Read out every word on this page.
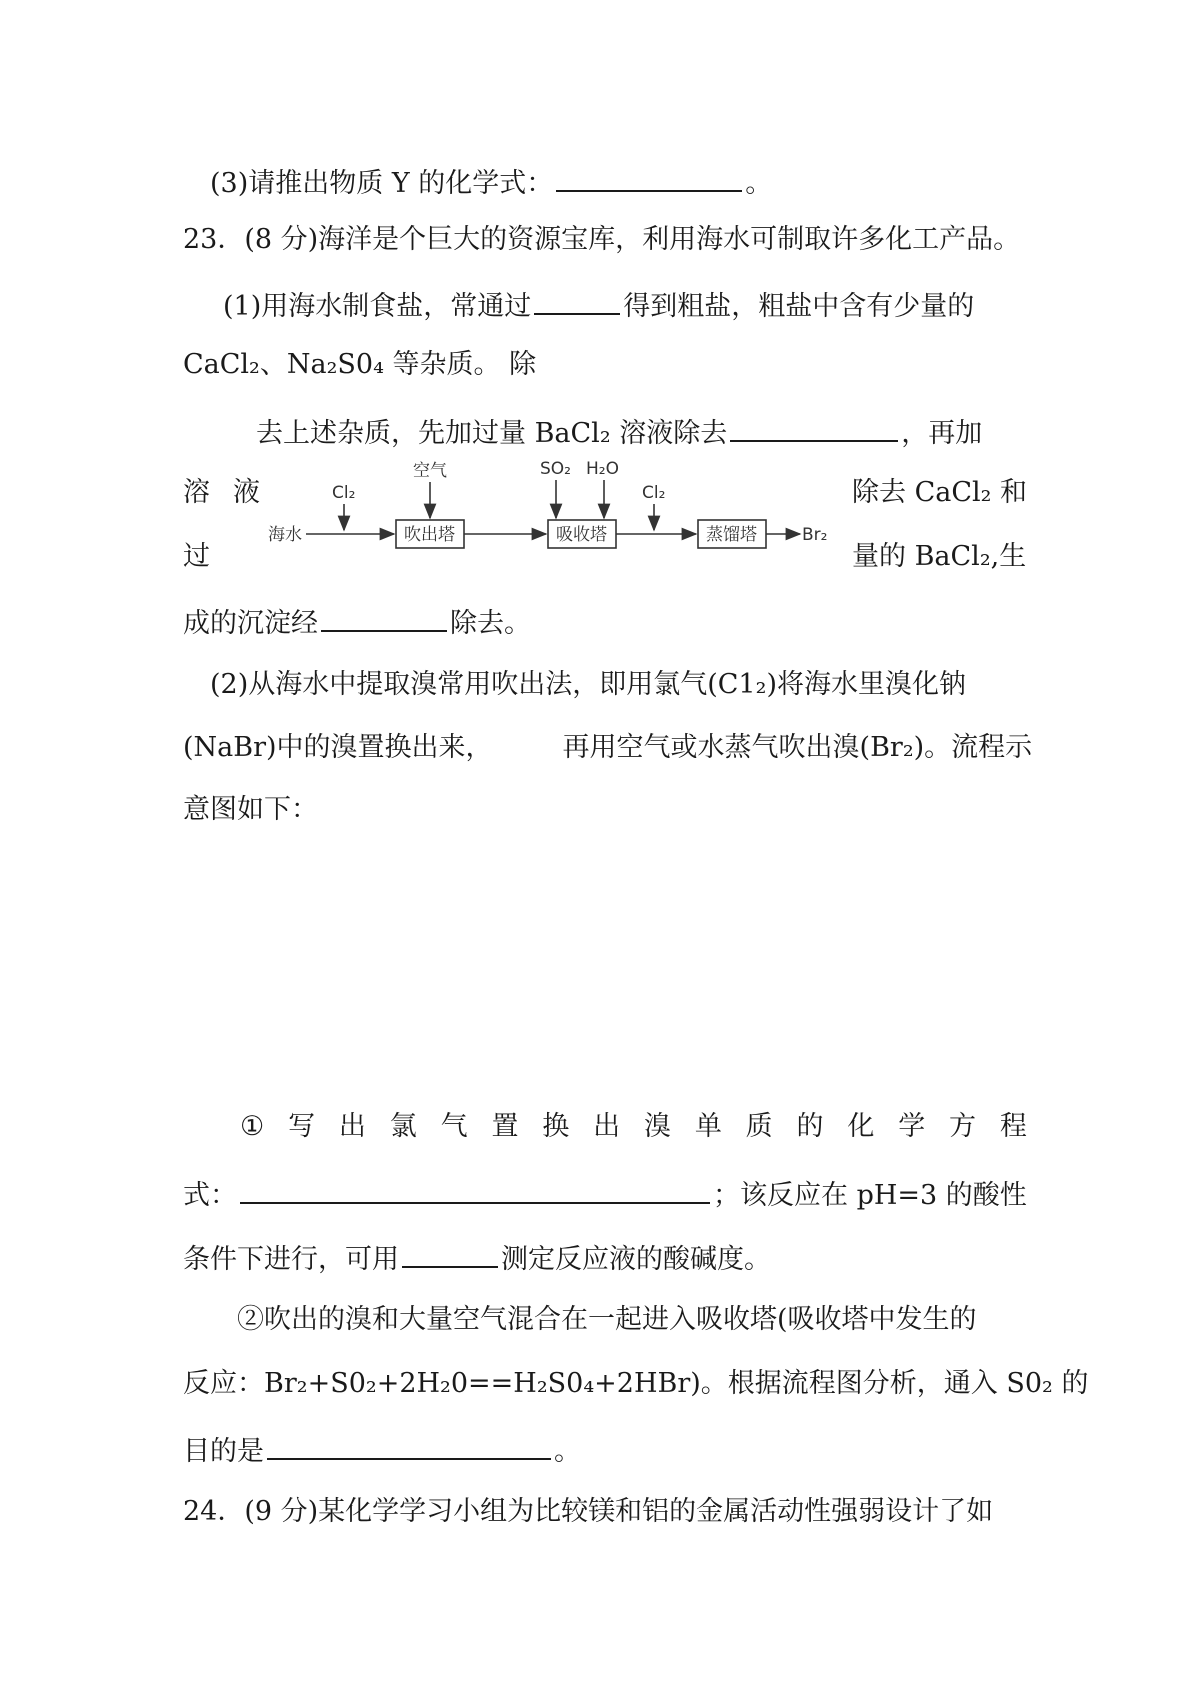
(3)请推出物质 Y 的化学式：	。
23．(8 分)海洋是个巨大的资源宝库，利用海水可制取许多化工产品。
(1)用海水制食盐，常通过	得到粗盐，粗盐中含有少量的
CaCl₂、Na₂S0₄ 等杂质。 除
去上述杂质，先加过量 BaCl₂ 溶液除去	，再加
溶 液
过
除去 CaCl₂ 和
量的 BaCl₂,生
海水
Cl₂
空气
吹出塔
SO₂ H₂O
吸收塔
Cl₂
蒸馏塔	Br₂
成的沉淀经	除去。
(2)从海水中提取溴常用吹出法，即用氯气(C1₂)将海水里溴化钠
(NaBr)中的溴置换出来，	再用空气或水蒸气吹出溴(Br₂)。流程示
意图如下：
① 写 出 氯 气 置 换 出 溴 单 质 的 化 学 方 程
式：	；该反应在 pH=3 的酸性
条件下进行，可用	测定反应液的酸碱度。
②吹出的溴和大量空气混合在一起进入吸收塔(吸收塔中发生的
反应：Br₂+S0₂+2H₂0==H₂S0₄+2HBr)。根据流程图分析，通入 S0₂ 的
目的是	。
24．(9 分)某化学学习小组为比较镁和铝的金属活动性强弱设计了如
